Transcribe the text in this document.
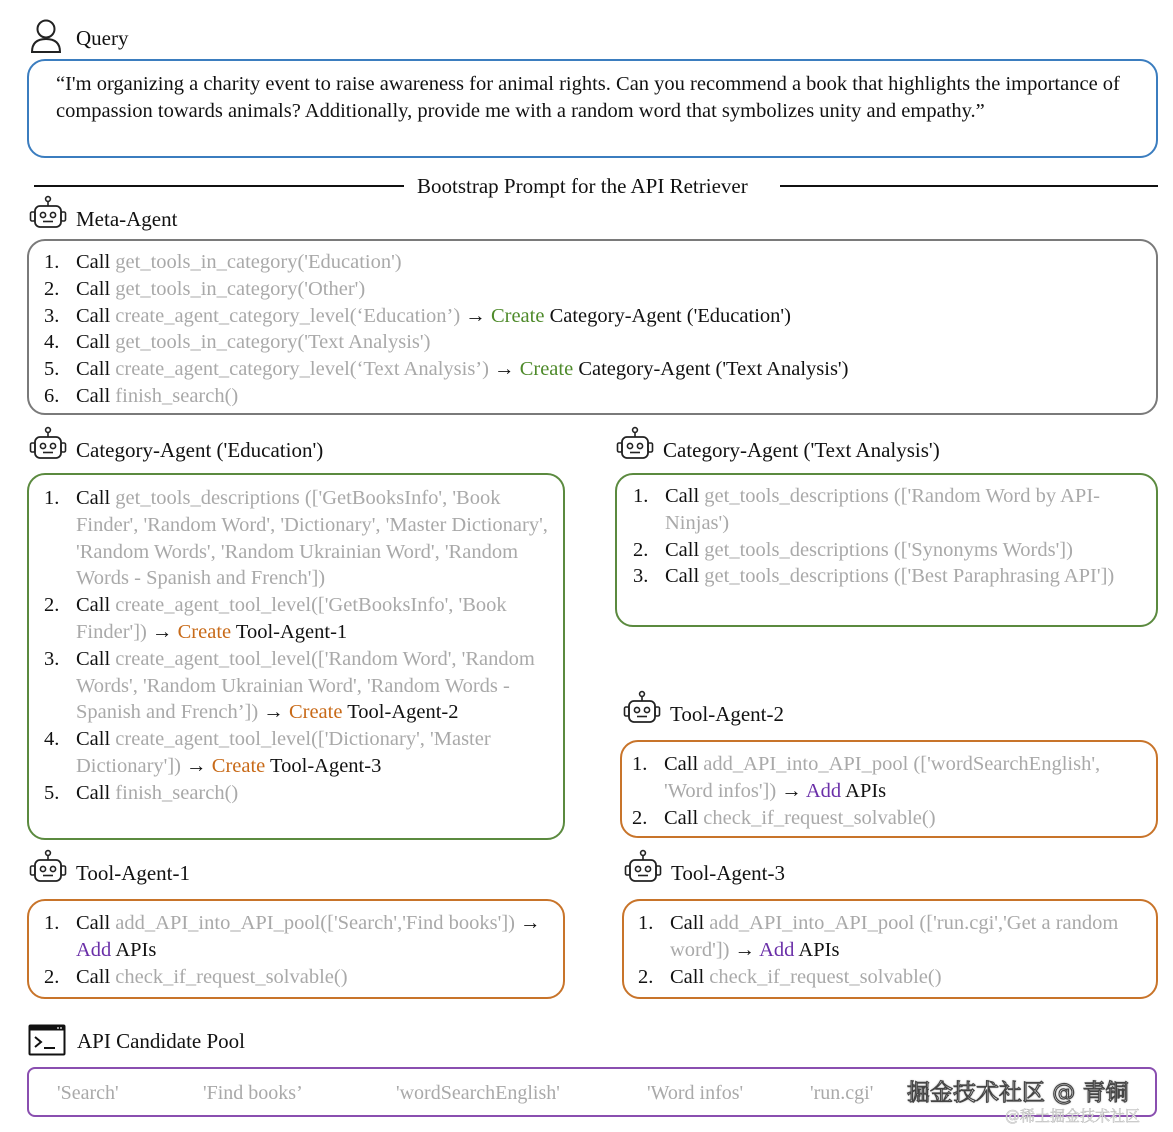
Query
“I'm organizing a charity event to raise awareness for animal rights. Can you recommend a book that highlights the importance of compassion towards animals? Additionally, provide me with a random word that symbolizes unity and empathy.”
Bootstrap Prompt for the API Retriever
Meta-Agent
1. Call get_tools_in_category('Education')
2. Call get_tools_in_category('Other')
3. Call create_agent_category_level(‘Education’) → Create Category-Agent ('Education')
4. Call get_tools_in_category('Text Analysis')
5. Call create_agent_category_level(‘Text Analysis’) → Create Category-Agent ('Text Analysis')
6. Call finish_search()
Category-Agent ('Education')
1. Call get_tools_descriptions (['GetBooksInfo', 'Book Finder', 'Random Word', 'Dictionary', 'Master Dictionary', 'Random Words', 'Random Ukrainian Word', 'Random Words - Spanish and French'])
2. Call create_agent_tool_level(['GetBooksInfo', 'Book Finder']) → Create Tool-Agent-1
3. Call create_agent_tool_level(['Random Word', 'Random Words', 'Random Ukrainian Word', 'Random Words - Spanish and French’]) → Create Tool-Agent-2
4. Call create_agent_tool_level(['Dictionary', 'Master Dictionary']) → Create Tool-Agent-3
5. Call finish_search()
Category-Agent ('Text Analysis')
1. Call get_tools_descriptions (['Random Word by API-Ninjas')
2. Call get_tools_descriptions (['Synonyms Words'])
3. Call get_tools_descriptions (['Best Paraphrasing API'])
Tool-Agent-2
1. Call add_API_into_API_pool (['wordSearchEnglish', 'Word infos']) → Add APIs
2. Call check_if_request_solvable()
Tool-Agent-1
1. Call add_API_into_API_pool(['Search','Find books']) → Add APIs
2. Call check_if_request_solvable()
Tool-Agent-3
1. Call add_API_into_API_pool (['run.cgi','Get a random word']) → Add APIs
2. Call check_if_request_solvable()
API Candidate Pool
'Search'	'Find books’	'wordSearchEnglish'	'Word infos'	'run.cgi' 掘金技术社区 @ 青铜
@稀土掘金技术社区
